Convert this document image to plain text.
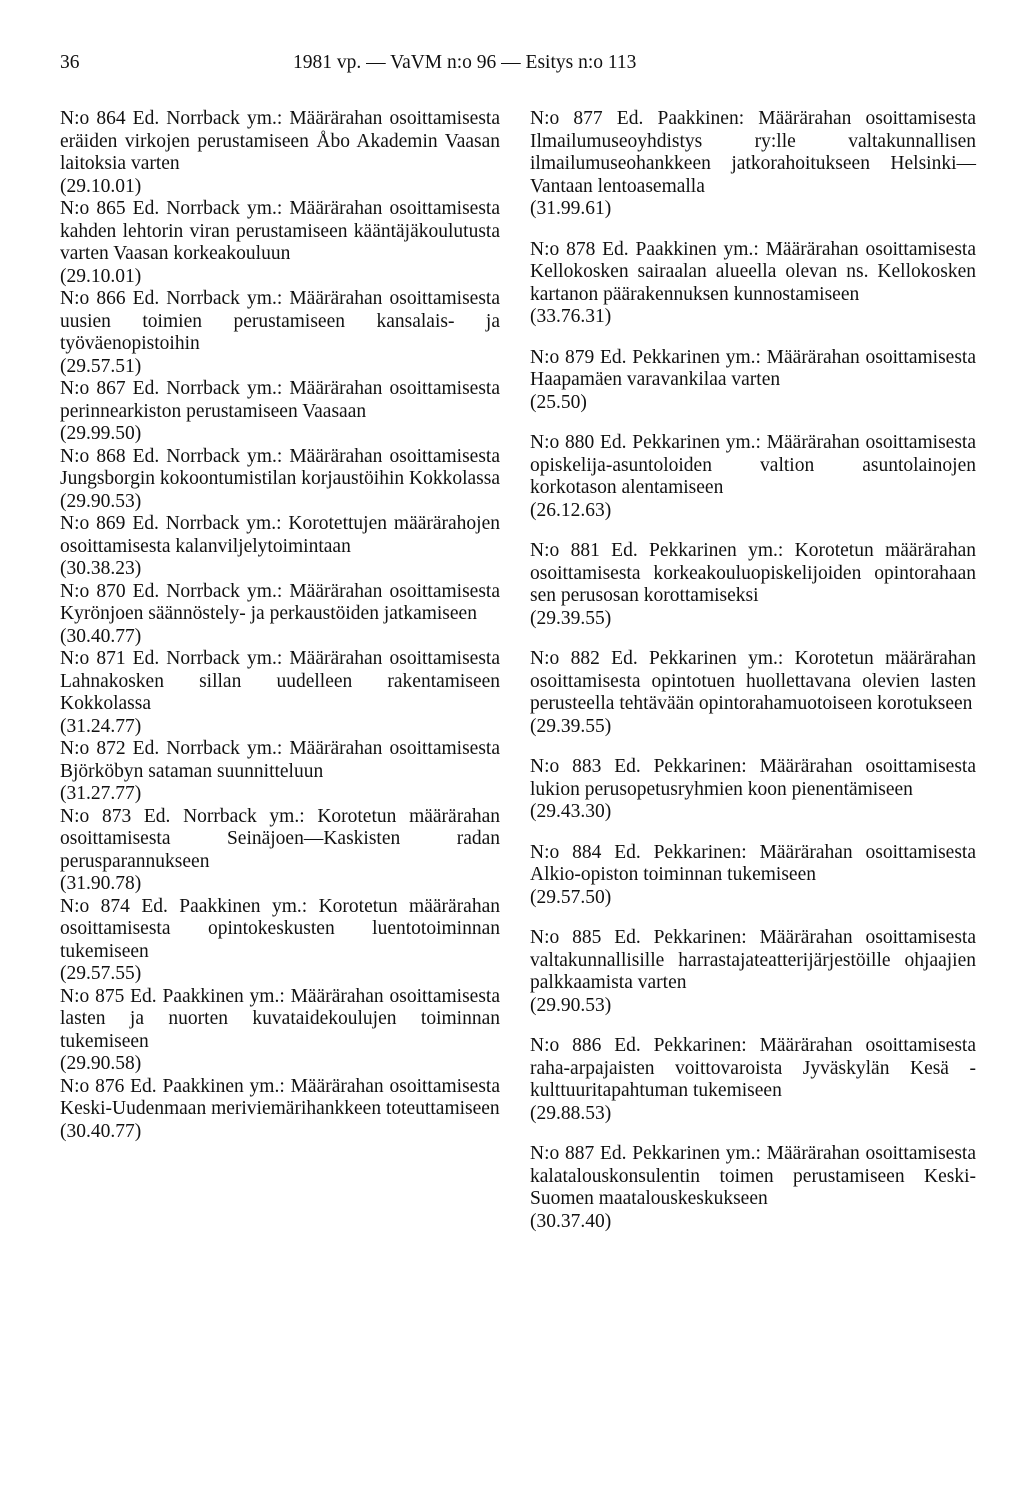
36	1981 vp. — VaVM n:o 96 — Esitys n:o 113
N:o 864 Ed. Norrback ym.: Määrärahan osoittamisesta eräiden virkojen perustamiseen Åbo Akademin Vaasan laitoksia varten
(29.10.01)
N:o 865 Ed. Norrback ym.: Määrärahan osoittamisesta kahden lehtorin viran perustamiseen kääntäjäkoulutusta varten Vaasan korkeakouluun
(29.10.01)
N:o 866 Ed. Norrback ym.: Määrärahan osoittamisesta uusien toimien perustamiseen kansalais- ja työväenopistoihin
(29.57.51)
N:o 867 Ed. Norrback ym.: Määrärahan osoittamisesta perinnearkiston perustamiseen Vaasaan
(29.99.50)
N:o 868 Ed. Norrback ym.: Määrärahan osoittamisesta Jungsborgin kokoontumistilan korjaustöihin Kokkolassa
(29.90.53)
N:o 869 Ed. Norrback ym.: Korotettujen määrärahojen osoittamisesta kalanviljelytoimintaan
(30.38.23)
N:o 870 Ed. Norrback ym.: Määrärahan osoittamisesta Kyrönjoen säännöstely- ja perkaustöiden jatkamiseen
(30.40.77)
N:o 871 Ed. Norrback ym.: Määrärahan osoittamisesta Lahnakosken sillan uudelleen rakentamiseen Kokkolassa
(31.24.77)
N:o 872 Ed. Norrback ym.: Määrärahan osoittamisesta Björköbyn sataman suunnitteluun
(31.27.77)
N:o 873 Ed. Norrback ym.: Korotetun määrärahan osoittamisesta Seinäjoen—Kaskisten radan perusparannukseen
(31.90.78)
N:o 874 Ed. Paakkinen ym.: Korotetun määrärahan osoittamisesta opintokeskusten luentotoiminnan tukemiseen
(29.57.55)
N:o 875 Ed. Paakkinen ym.: Määrärahan osoittamisesta lasten ja nuorten kuvataidekoulujen toiminnan tukemiseen
(29.90.58)
N:o 876 Ed. Paakkinen ym.: Määrärahan osoittamisesta Keski-Uudenmaan meriviemärihankkeen toteuttamiseen
(30.40.77)
N:o 877 Ed. Paakkinen: Määrärahan osoittamisesta Ilmailumuseoyhdistys ry:lle valtakunnallisen ilmailumuseohankkeen jatkorahoitukseen Helsinki—Vantaan lentoasemalla
(31.99.61)
N:o 878 Ed. Paakkinen ym.: Määrärahan osoittamisesta Kellokosken sairaalan alueella olevan ns. Kellokosken kartanon päärakennuksen kunnostamiseen
(33.76.31)
N:o 879 Ed. Pekkarinen ym.: Määrärahan osoittamisesta Haapamäen varavankilaa varten
(25.50)
N:o 880 Ed. Pekkarinen ym.: Määrärahan osoittamisesta opiskelija-asuntoloiden valtion asuntolainojen korkotason alentamiseen
(26.12.63)
N:o 881 Ed. Pekkarinen ym.: Korotetun määrärahan osoittamisesta korkeakouluopiskelijoiden opintorahaan sen perusosan korottamiseksi
(29.39.55)
N:o 882 Ed. Pekkarinen ym.: Korotetun määrärahan osoittamisesta opintotuen huollettavana olevien lasten perusteella tehtävään opintorahamuotoiseen korotukseen
(29.39.55)
N:o 883 Ed. Pekkarinen: Määrärahan osoittamisesta lukion perusopetusryhmien koon pienentämiseen
(29.43.30)
N:o 884 Ed. Pekkarinen: Määrärahan osoittamisesta Alkio-opiston toiminnan tukemiseen
(29.57.50)
N:o 885 Ed. Pekkarinen: Määrärahan osoittamisesta valtakunnallisille harrastajateatterijärjestöille ohjaajien palkkaamista varten
(29.90.53)
N:o 886 Ed. Pekkarinen: Määrärahan osoittamisesta raha-arpajaisten voittovaroista Jyväskylän Kesä -kulttuuritapahtuman tukemiseen
(29.88.53)
N:o 887 Ed. Pekkarinen ym.: Määrärahan osoittamisesta kalatalouskonsulentin toimen perustamiseen Keski-Suomen maatalouskeskukseen
(30.37.40)
